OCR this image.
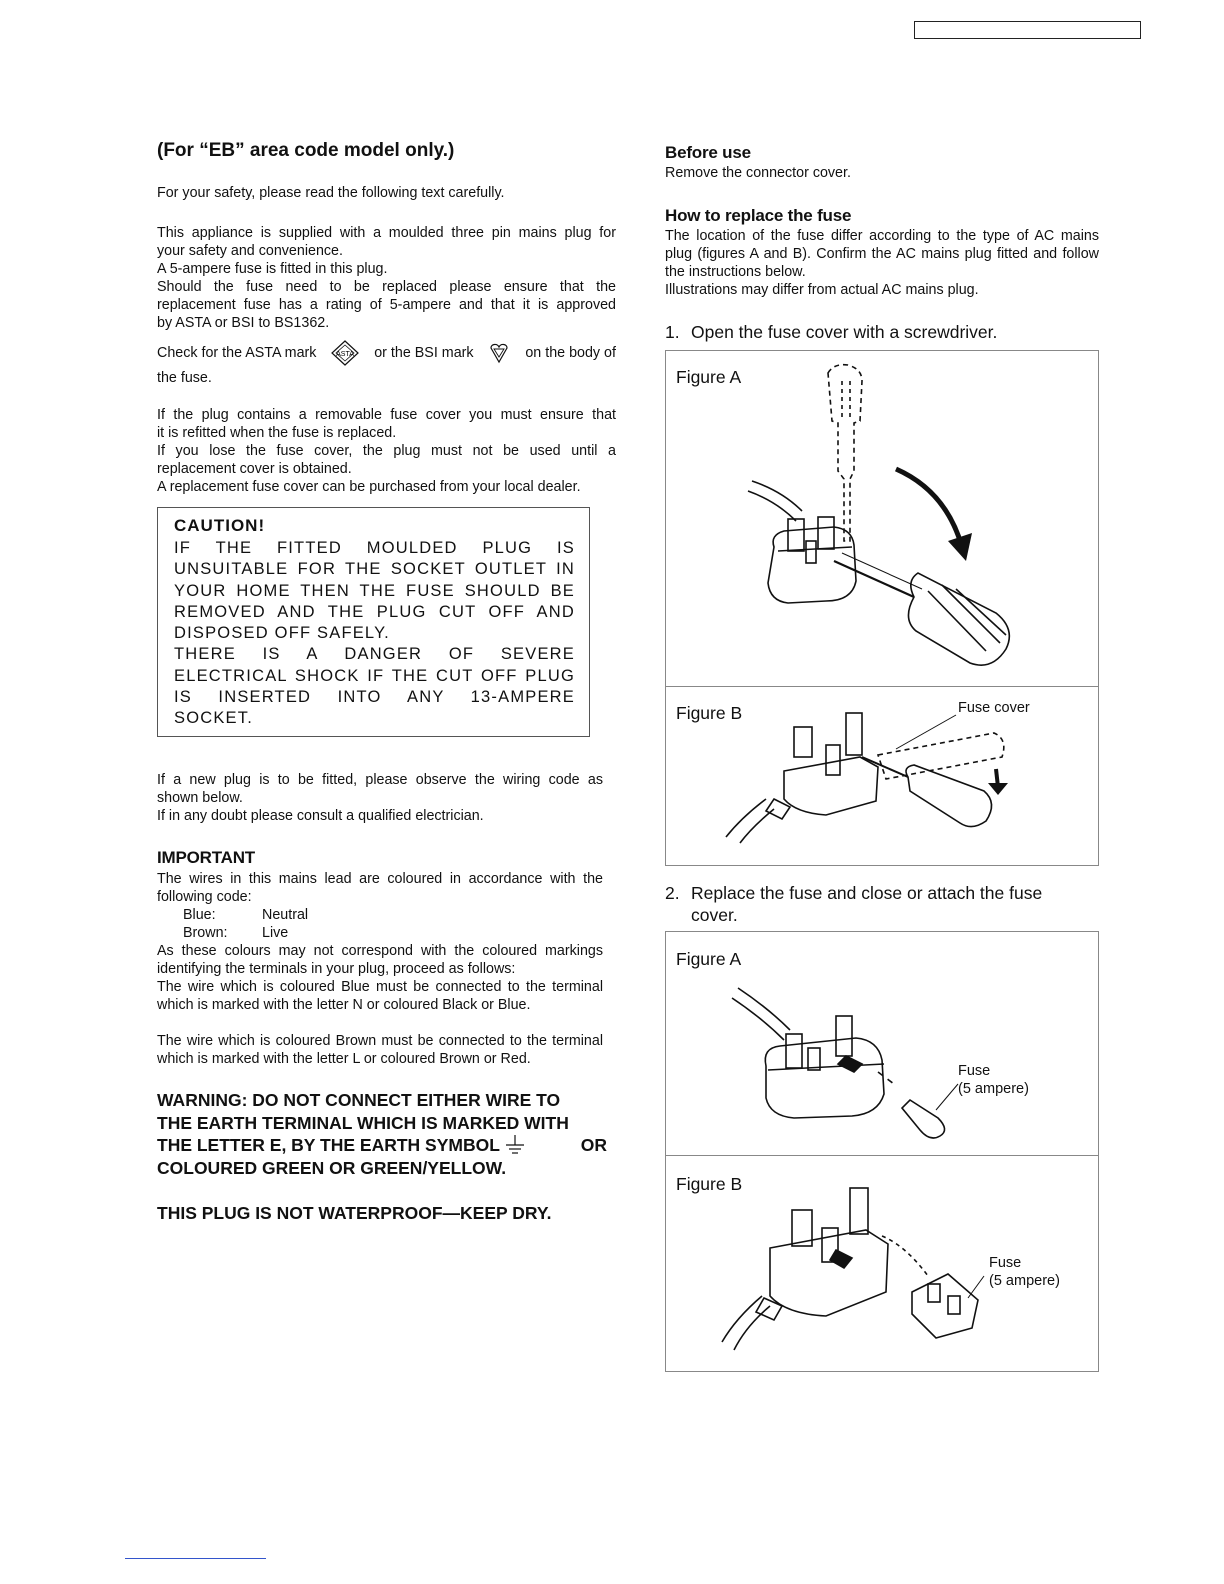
(For “EB” area code model only.)
For your safety, please read the following text carefully.
This appliance is supplied with a moulded three pin mains plug for
your safety and convenience.
A 5-ampere fuse is fitted in this plug.
Should the fuse need to be replaced please ensure that the
replacement fuse has a rating of 5-ampere and that it is approved
by ASTA or BSI to BS1362.
Check for the ASTA mark	ASTA or the BSI mark	on the body of
the fuse.
If the plug contains a removable fuse cover you must ensure that
it is refitted when the fuse is replaced.
If you lose the fuse cover, the plug must not be used until a
replacement cover is obtained.
A replacement fuse cover can be purchased from your local dealer.
CAUTION!
IF THE FITTED MOULDED PLUG IS
UNSUITABLE FOR THE SOCKET OUTLET IN
YOUR HOME THEN THE FUSE SHOULD BE
REMOVED AND THE PLUG CUT OFF AND
DISPOSED OFF SAFELY.
THERE IS A DANGER OF SEVERE
ELECTRICAL SHOCK IF THE CUT OFF PLUG
IS INSERTED INTO ANY 13-AMPERE
SOCKET.
If a new plug is to be fitted, please observe the wiring code as
shown below.
If in any doubt please consult a qualified electrician.
IMPORTANT
The wires in this mains lead are coloured in accordance with the
following code:
Blue:	Neutral
Brown:	Live
As these colours may not correspond with the coloured markings
identifying the terminals in your plug, proceed as follows:
The wire which is coloured Blue must be connected to the terminal
which is marked with the letter N or coloured Black or Blue.
The wire which is coloured Brown must be connected to the terminal
which is marked with the letter L or coloured Brown or Red.
WARNING: DO NOT CONNECT EITHER WIRE TO
THE EARTH TERMINAL WHICH IS MARKED WITH
THE LETTER E, BY THE EARTH SYMBOL	OR
COLOURED GREEN OR GREEN/YELLOW.
THIS PLUG IS NOT WATERPROOF—KEEP DRY.
Before use
Remove the connector cover.
How to replace the fuse
The location of the fuse differ according to the type of AC mains
plug (figures A and B). Confirm the AC mains plug fitted and follow
the instructions below.
Illustrations may differ from actual AC mains plug.
1. Open the fuse cover with a screwdriver.
Figure A
Figure B	Fuse cover
2. Replace the fuse and close or attach the fuse
cover.
Figure A
Fuse
(5 ampere)
Figure B
Fuse
(5 ampere)
